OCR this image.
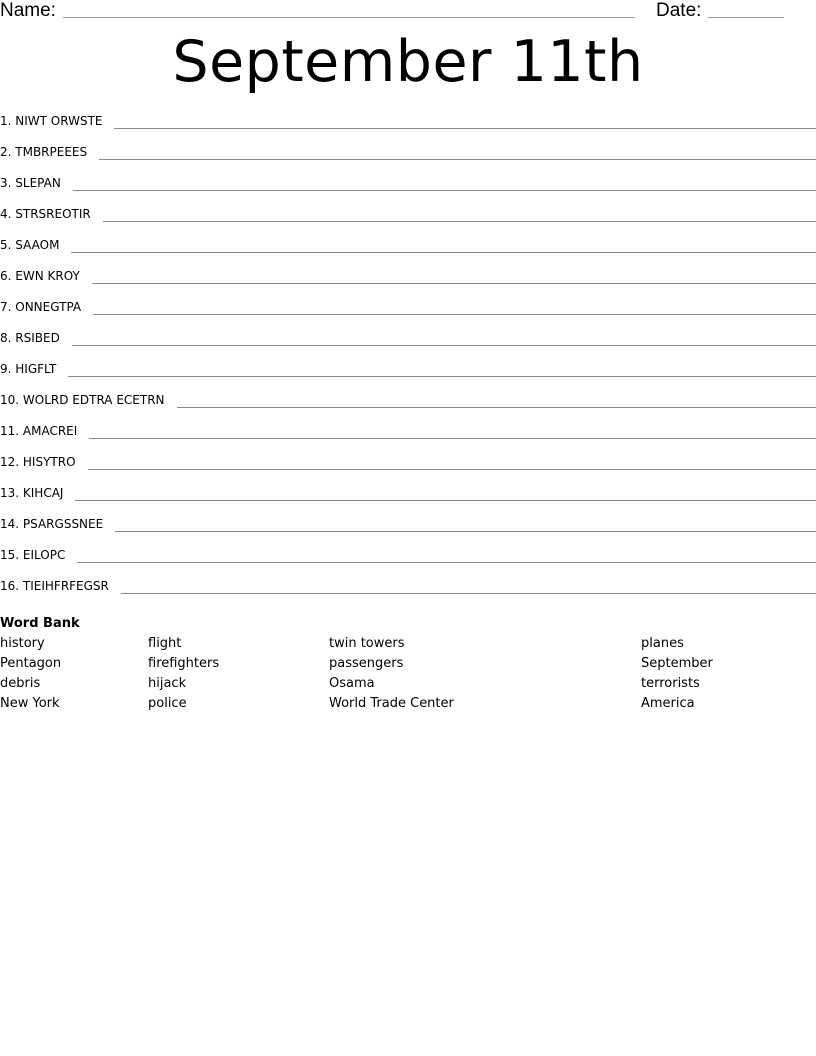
Name:	Date:
September 11th
1. NIWT ORWSTE
2. TMBRPEEES
3. SLEPAN
4. STRSREOTIR
5. SAAOM
6. EWN KROY
7. ONNEGTPA
8. RSIBED
9. HIGFLT
10. WOLRD EDTRA ECETRN
11. AMACREI
12. HISYTRO
13. KIHCAJ
14. PSARGSSNEE
15. EILOPC
16. TIEIHFRFEGSR
Word Bank
history
Pentagon
debris
New York
flight
firefighters
hijack
police
twin towers
passengers
Osama
World Trade Center
planes
September
terrorists
America
